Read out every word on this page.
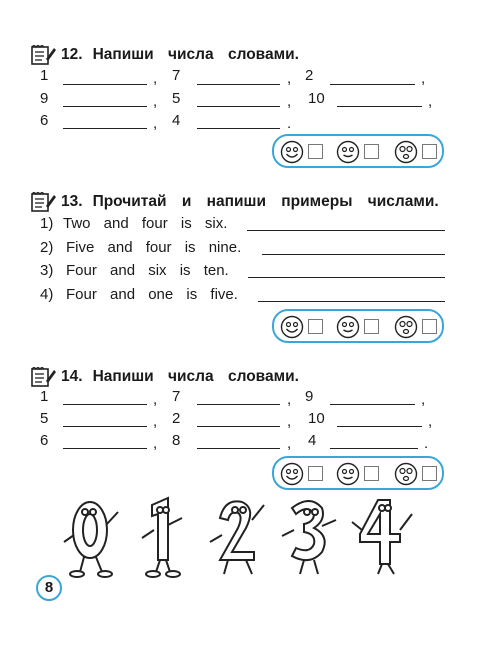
12. Напиши числа словами.
1	, 7	, 2	,
9	, 5	, 10	,
6	, 4	.
13. Прочитай и напиши примеры числами.
1) Two and four is six.
2) Five and four is nine.
3) Four and six is ten.
4) Four and one is five.
14. Напиши числа словами.
1	, 7	, 9	,
5	, 2	, 10	,
6	, 8	, 4	.
8
